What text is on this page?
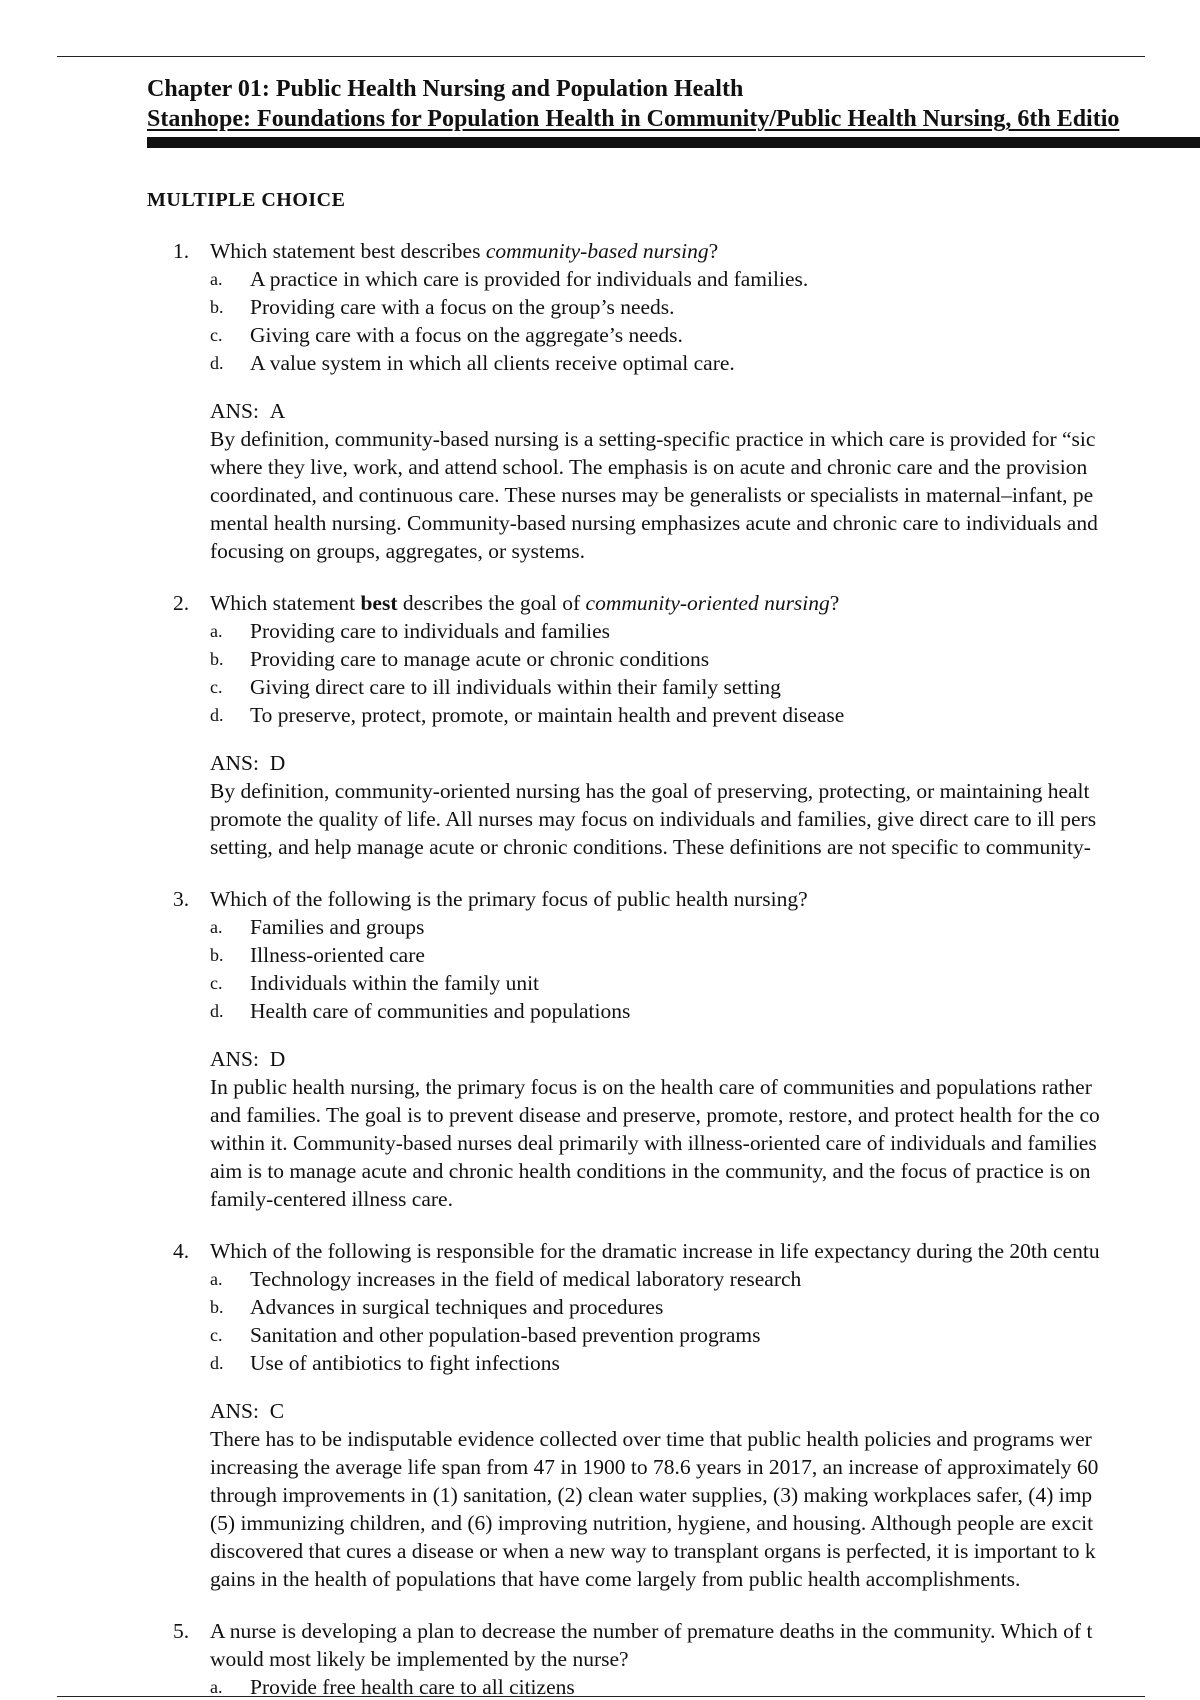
Chapter 01: Public Health Nursing and Population Health
Stanhope: Foundations for Population Health in Community/Public Health Nursing, 6th Editio
MULTIPLE CHOICE
1. Which statement best describes community-based nursing?
a. A practice in which care is provided for individuals and families.
b. Providing care with a focus on the group’s needs.
c. Giving care with a focus on the aggregate’s needs.
d. A value system in which all clients receive optimal care.
ANS: A
By definition, community-based nursing is a setting-specific practice in which care is provided for “sic
where they live, work, and attend school. The emphasis is on acute and chronic care and the provision
coordinated, and continuous care. These nurses may be generalists or specialists in maternal–infant, pe
mental health nursing. Community-based nursing emphasizes acute and chronic care to individuals and
focusing on groups, aggregates, or systems.
2. Which statement best describes the goal of community-oriented nursing?
a. Providing care to individuals and families
b. Providing care to manage acute or chronic conditions
c. Giving direct care to ill individuals within their family setting
d. To preserve, protect, promote, or maintain health and prevent disease
ANS: D
By definition, community-oriented nursing has the goal of preserving, protecting, or maintaining healt
promote the quality of life. All nurses may focus on individuals and families, give direct care to ill pers
setting, and help manage acute or chronic conditions. These definitions are not specific to community-
3. Which of the following is the primary focus of public health nursing?
a. Families and groups
b. Illness-oriented care
c. Individuals within the family unit
d. Health care of communities and populations
ANS: D
In public health nursing, the primary focus is on the health care of communities and populations rather
and families. The goal is to prevent disease and preserve, promote, restore, and protect health for the co
within it. Community-based nurses deal primarily with illness-oriented care of individuals and families
aim is to manage acute and chronic health conditions in the community, and the focus of practice is on
family-centered illness care.
4. Which of the following is responsible for the dramatic increase in life expectancy during the 20th centu
a. Technology increases in the field of medical laboratory research
b. Advances in surgical techniques and procedures
c. Sanitation and other population-based prevention programs
d. Use of antibiotics to fight infections
ANS: C
There has to be indisputable evidence collected over time that public health policies and programs wer
increasing the average life span from 47 in 1900 to 78.6 years in 2017, an increase of approximately 60
through improvements in (1) sanitation, (2) clean water supplies, (3) making workplaces safer, (4) imp
(5) immunizing children, and (6) improving nutrition, hygiene, and housing. Although people are excit
discovered that cures a disease or when a new way to transplant organs is perfected, it is important to k
gains in the health of populations that have come largely from public health accomplishments.
5. A nurse is developing a plan to decrease the number of premature deaths in the community. Which of t
would most likely be implemented by the nurse?
a. Provide free health care to all citizens
